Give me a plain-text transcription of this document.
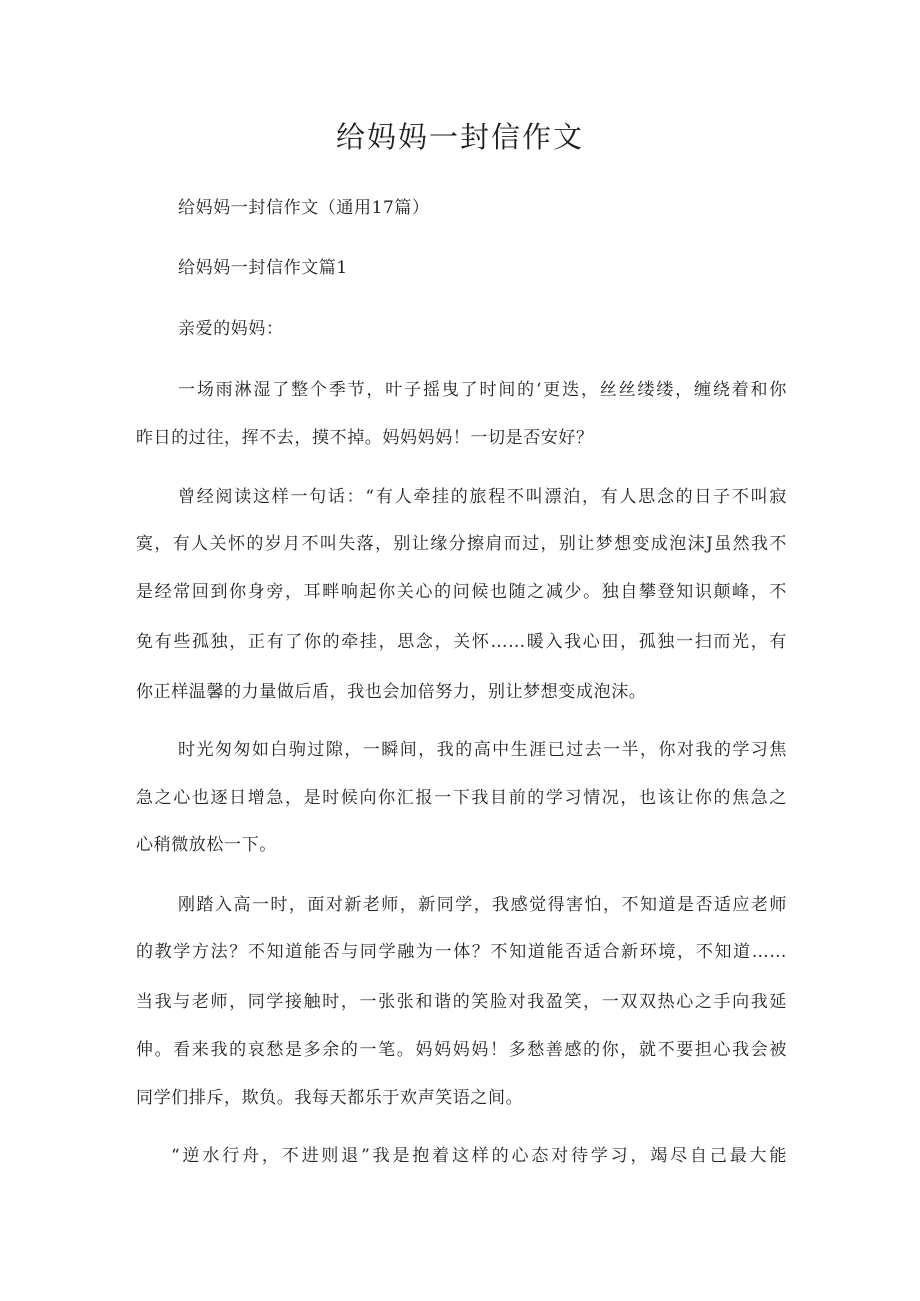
给妈妈一封信作文
给妈妈一封信作文（通用17篇）
给妈妈一封信作文篇1
亲爱的妈妈：
一场雨淋湿了整个季节，叶子摇曳了时间的‘更迭，丝丝缕缕，缠绕着和你
昨日的过往，挥不去，摸不掉。妈妈妈妈！一切是否安好？
曾经阅读这样一句话：“有人牵挂的旅程不叫漂泊，有人思念的日子不叫寂
寞，有人关怀的岁月不叫失落，别让缘分擦肩而过，别让梦想变成泡沫J虽然我不
是经常回到你身旁，耳畔响起你关心的问候也随之减少。独自攀登知识颠峰，不
免有些孤独，正有了你的牵挂，思念，关怀……暖入我心田，孤独一扫而光，有
你正样温馨的力量做后盾，我也会加倍努力，别让梦想变成泡沫。
时光匆匆如白驹过隙，一瞬间，我的高中生涯已过去一半，你对我的学习焦
急之心也逐日增急，是时候向你汇报一下我目前的学习情况，也该让你的焦急之
心稍微放松一下。
刚踏入高一时，面对新老师，新同学，我感觉得害怕，不知道是否适应老师
的教学方法？不知道能否与同学融为一体？不知道能否适合新环境，不知道……
当我与老师，同学接触时，一张张和谐的笑脸对我盈笑，一双双热心之手向我延
伸。看来我的哀愁是多余的一笔。妈妈妈妈！多愁善感的你，就不要担心我会被
同学们排斥，欺负。我每天都乐于欢声笑语之间。
“逆水行舟，不进则退”我是抱着这样的心态对待学习，竭尽自己最大能
